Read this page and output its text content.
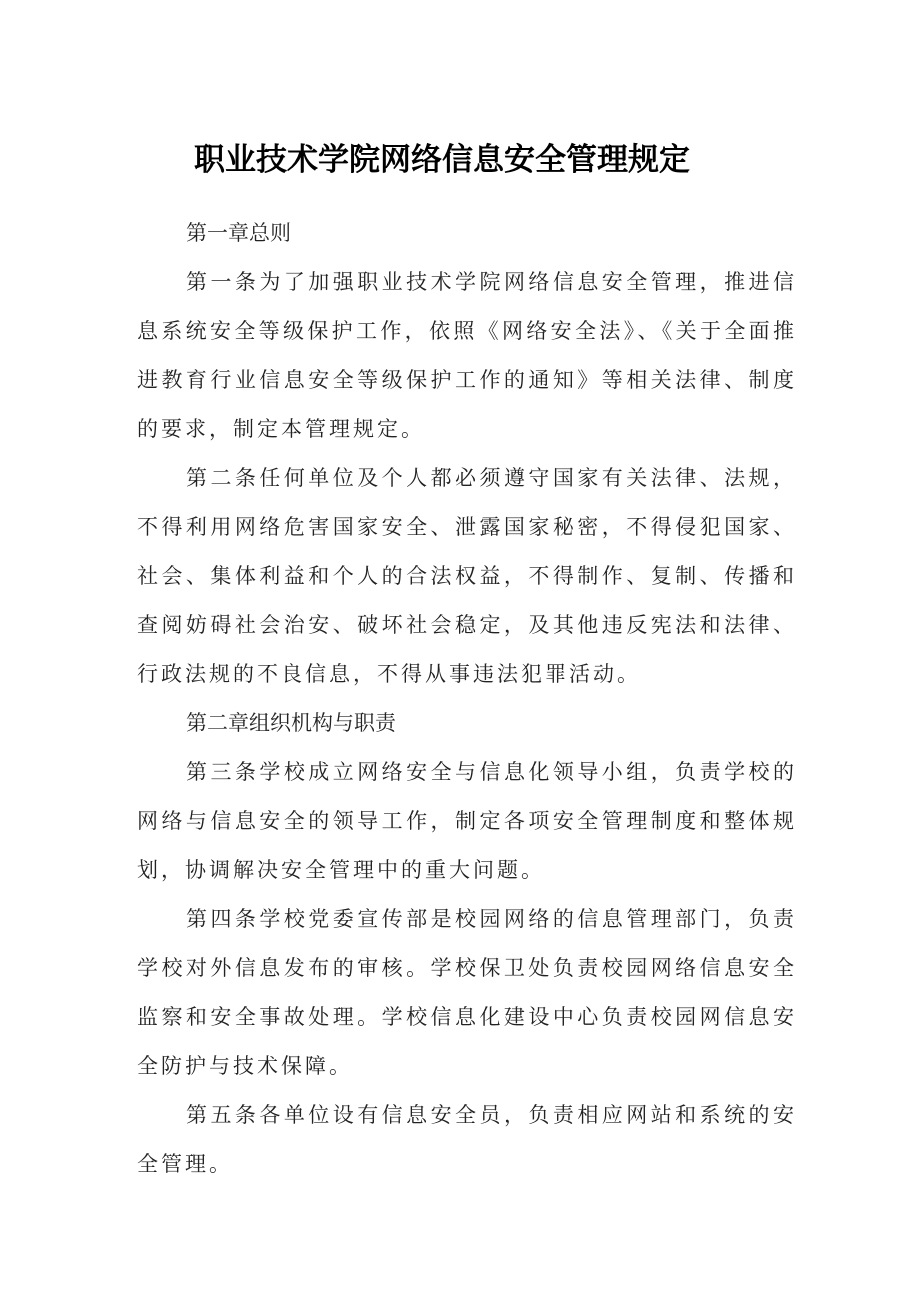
职业技术学院网络信息安全管理规定

第一章总则

第一条为了加强职业技术学院网络信息安全管理，推进信息系统安全等级保护工作，依照《网络安全法》、《关于全面推进教育行业信息安全等级保护工作的通知》等相关法律、制度的要求，制定本管理规定。

第二条任何单位及个人都必须遵守国家有关法律、法规，不得利用网络危害国家安全、泄露国家秘密，不得侵犯国家、社会、集体利益和个人的合法权益，不得制作、复制、传播和查阅妨碍社会治安、破坏社会稳定，及其他违反宪法和法律、行政法规的不良信息，不得从事违法犯罪活动。

第二章组织机构与职责

第三条学校成立网络安全与信息化领导小组，负责学校的网络与信息安全的领导工作，制定各项安全管理制度和整体规划，协调解决安全管理中的重大问题。

第四条学校党委宣传部是校园网络的信息管理部门，负责学校对外信息发布的审核。学校保卫处负责校园网络信息安全监察和安全事故处理。学校信息化建设中心负责校园网信息安全防护与技术保障。

第五条各单位设有信息安全员，负责相应网站和系统的安全管理。
